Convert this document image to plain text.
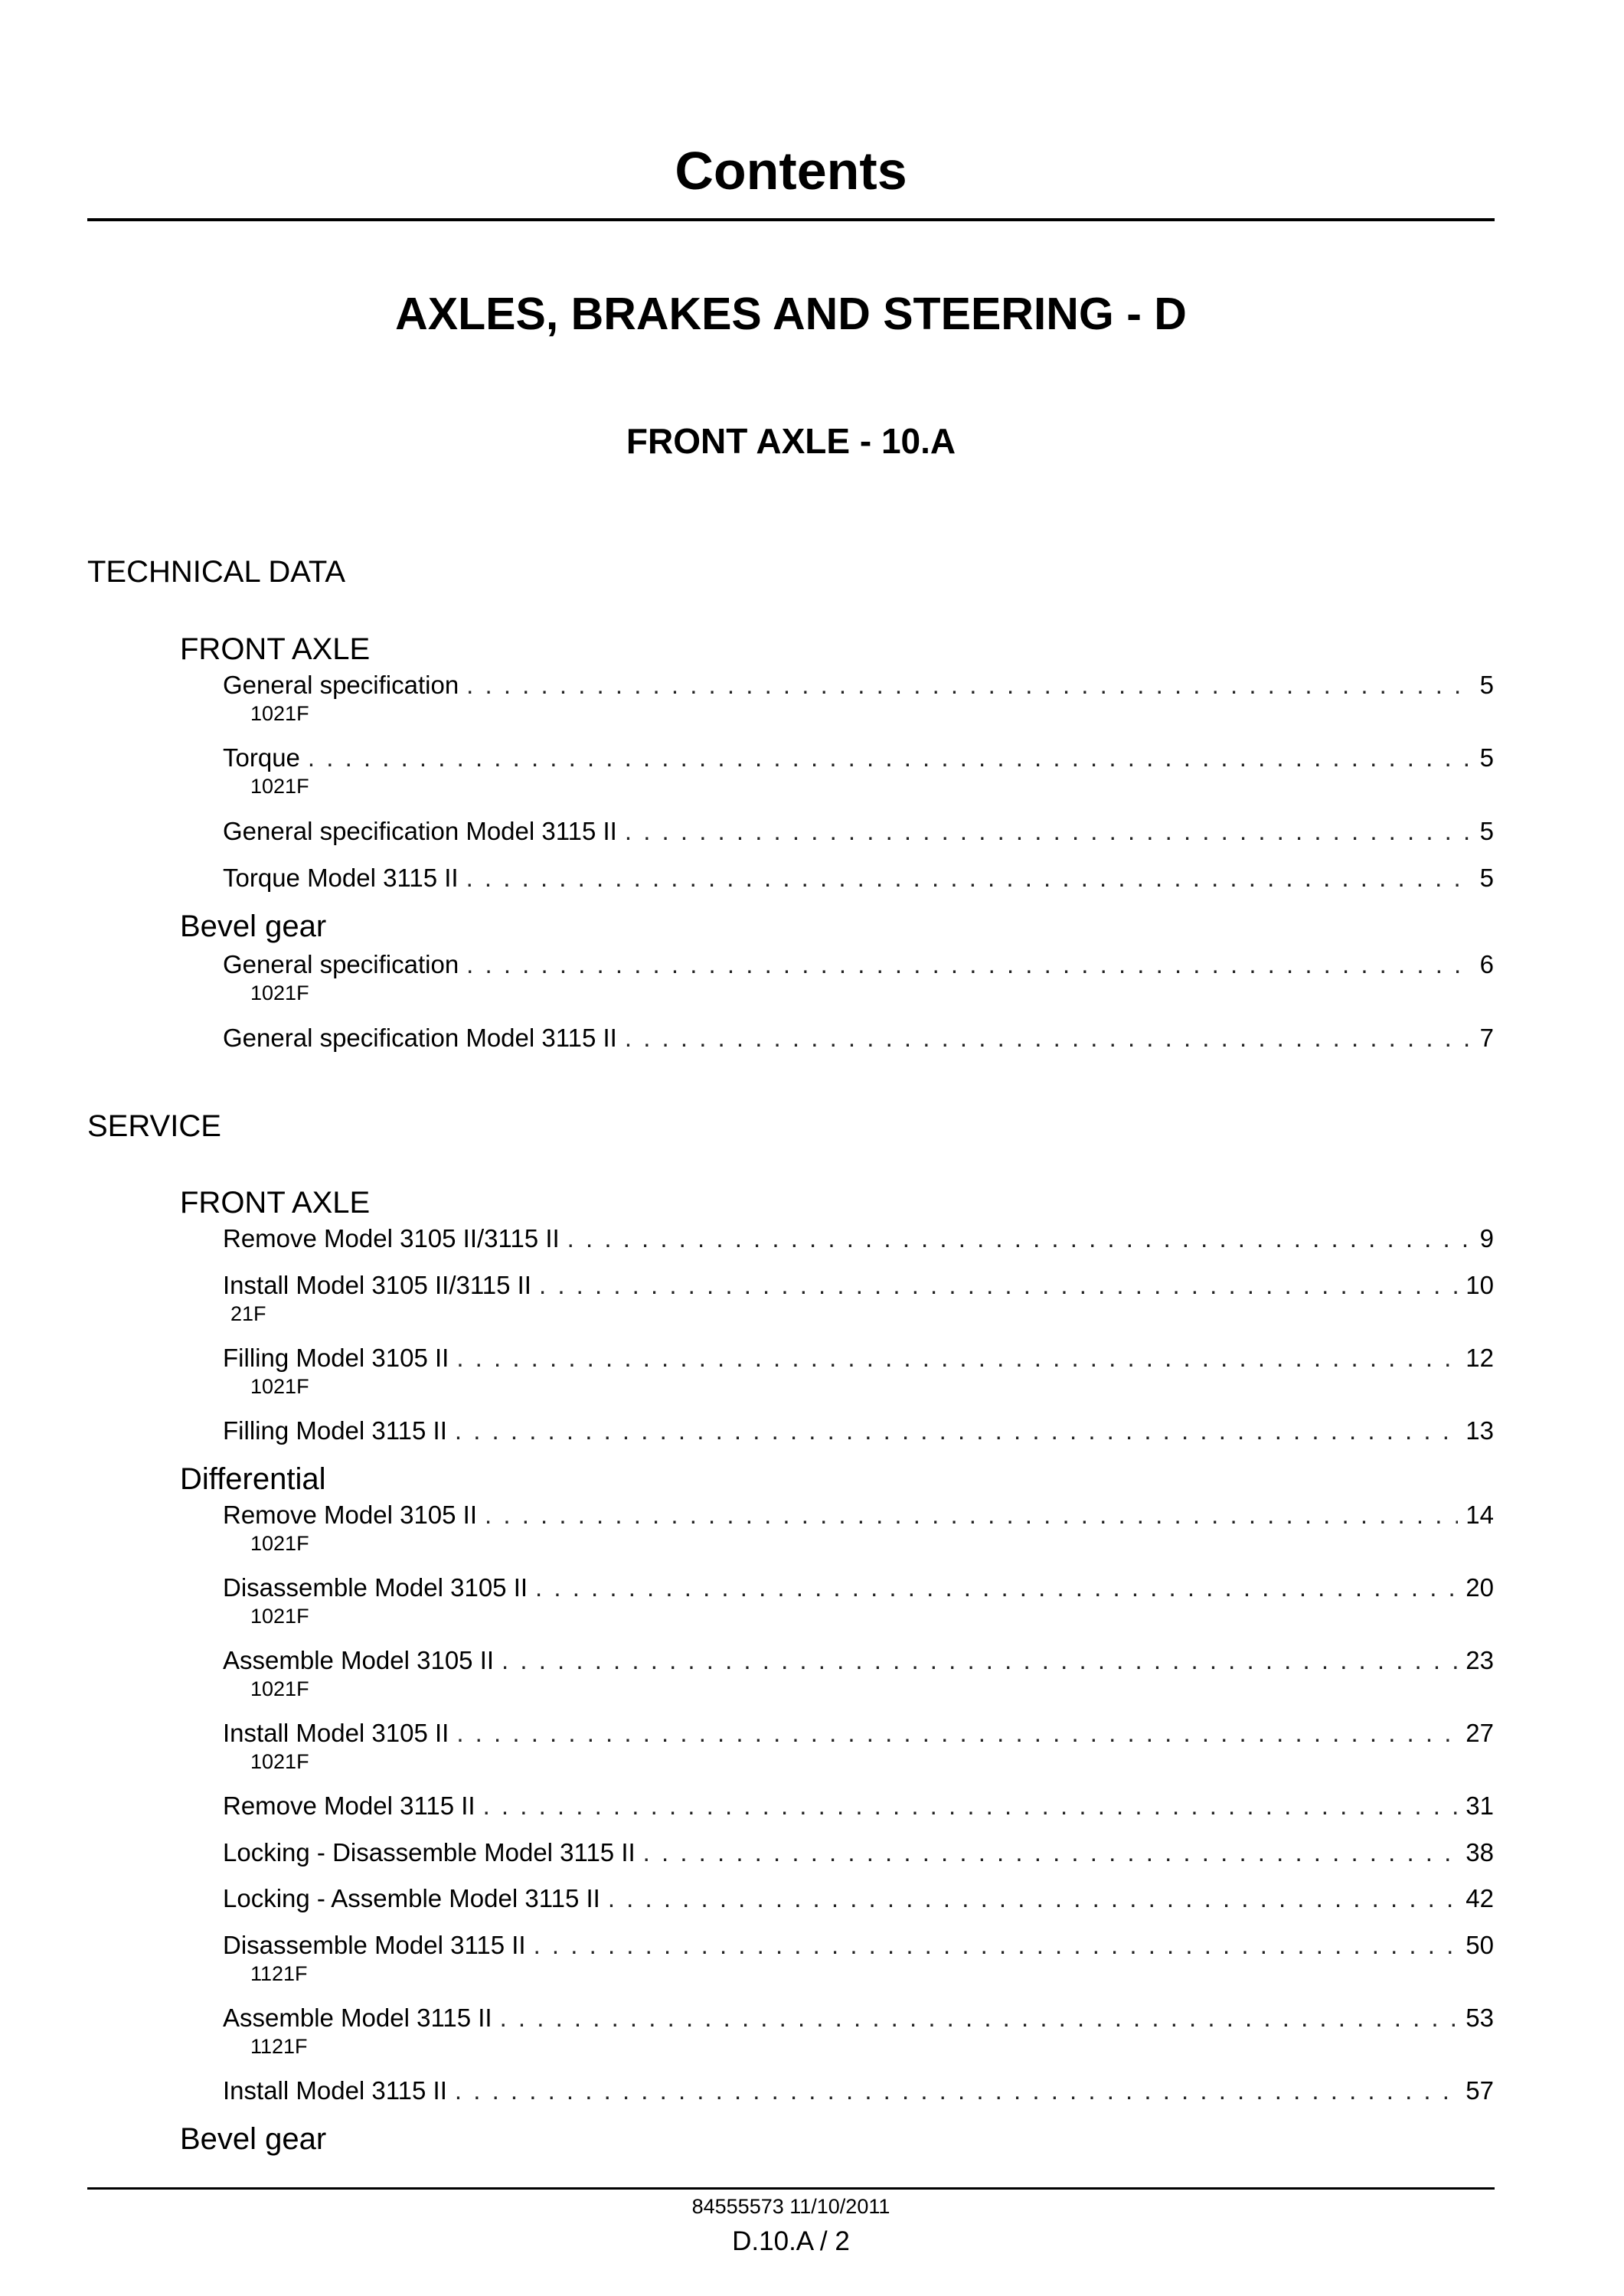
Contents
AXLES, BRAKES AND STEERING - D
FRONT AXLE - 10.A
TECHNICAL DATA
FRONT AXLE
General specification . . .	5
1021F
Torque . . .	5
1021F
General specification Model 3115 II . . .	5
Torque Model 3115 II . . .	5
Bevel gear
General specification . . .	6
1021F
General specification Model 3115 II . . .	7
SERVICE
FRONT AXLE
Remove Model 3105 II/3115 II . . .	9
Install Model 3105 II/3115 II . . .	10
21F
Filling Model 3105 II . . .	12
1021F
Filling Model 3115 II . . .	13
Differential
Remove Model 3105 II . . .	14
1021F
Disassemble Model 3105 II . . .	20
1021F
Assemble Model 3105 II . . .	23
1021F
Install Model 3105 II . . .	27
1021F
Remove Model 3115 II . . .	31
Locking - Disassemble Model 3115 II . . .	38
Locking - Assemble Model 3115 II . . .	42
Disassemble Model 3115 II . . .	50
1121F
Assemble Model 3115 II . . .	53
1121F
Install Model 3115 II . . .	57
Bevel gear
84555573 11/10/2011
D.10.A / 2
